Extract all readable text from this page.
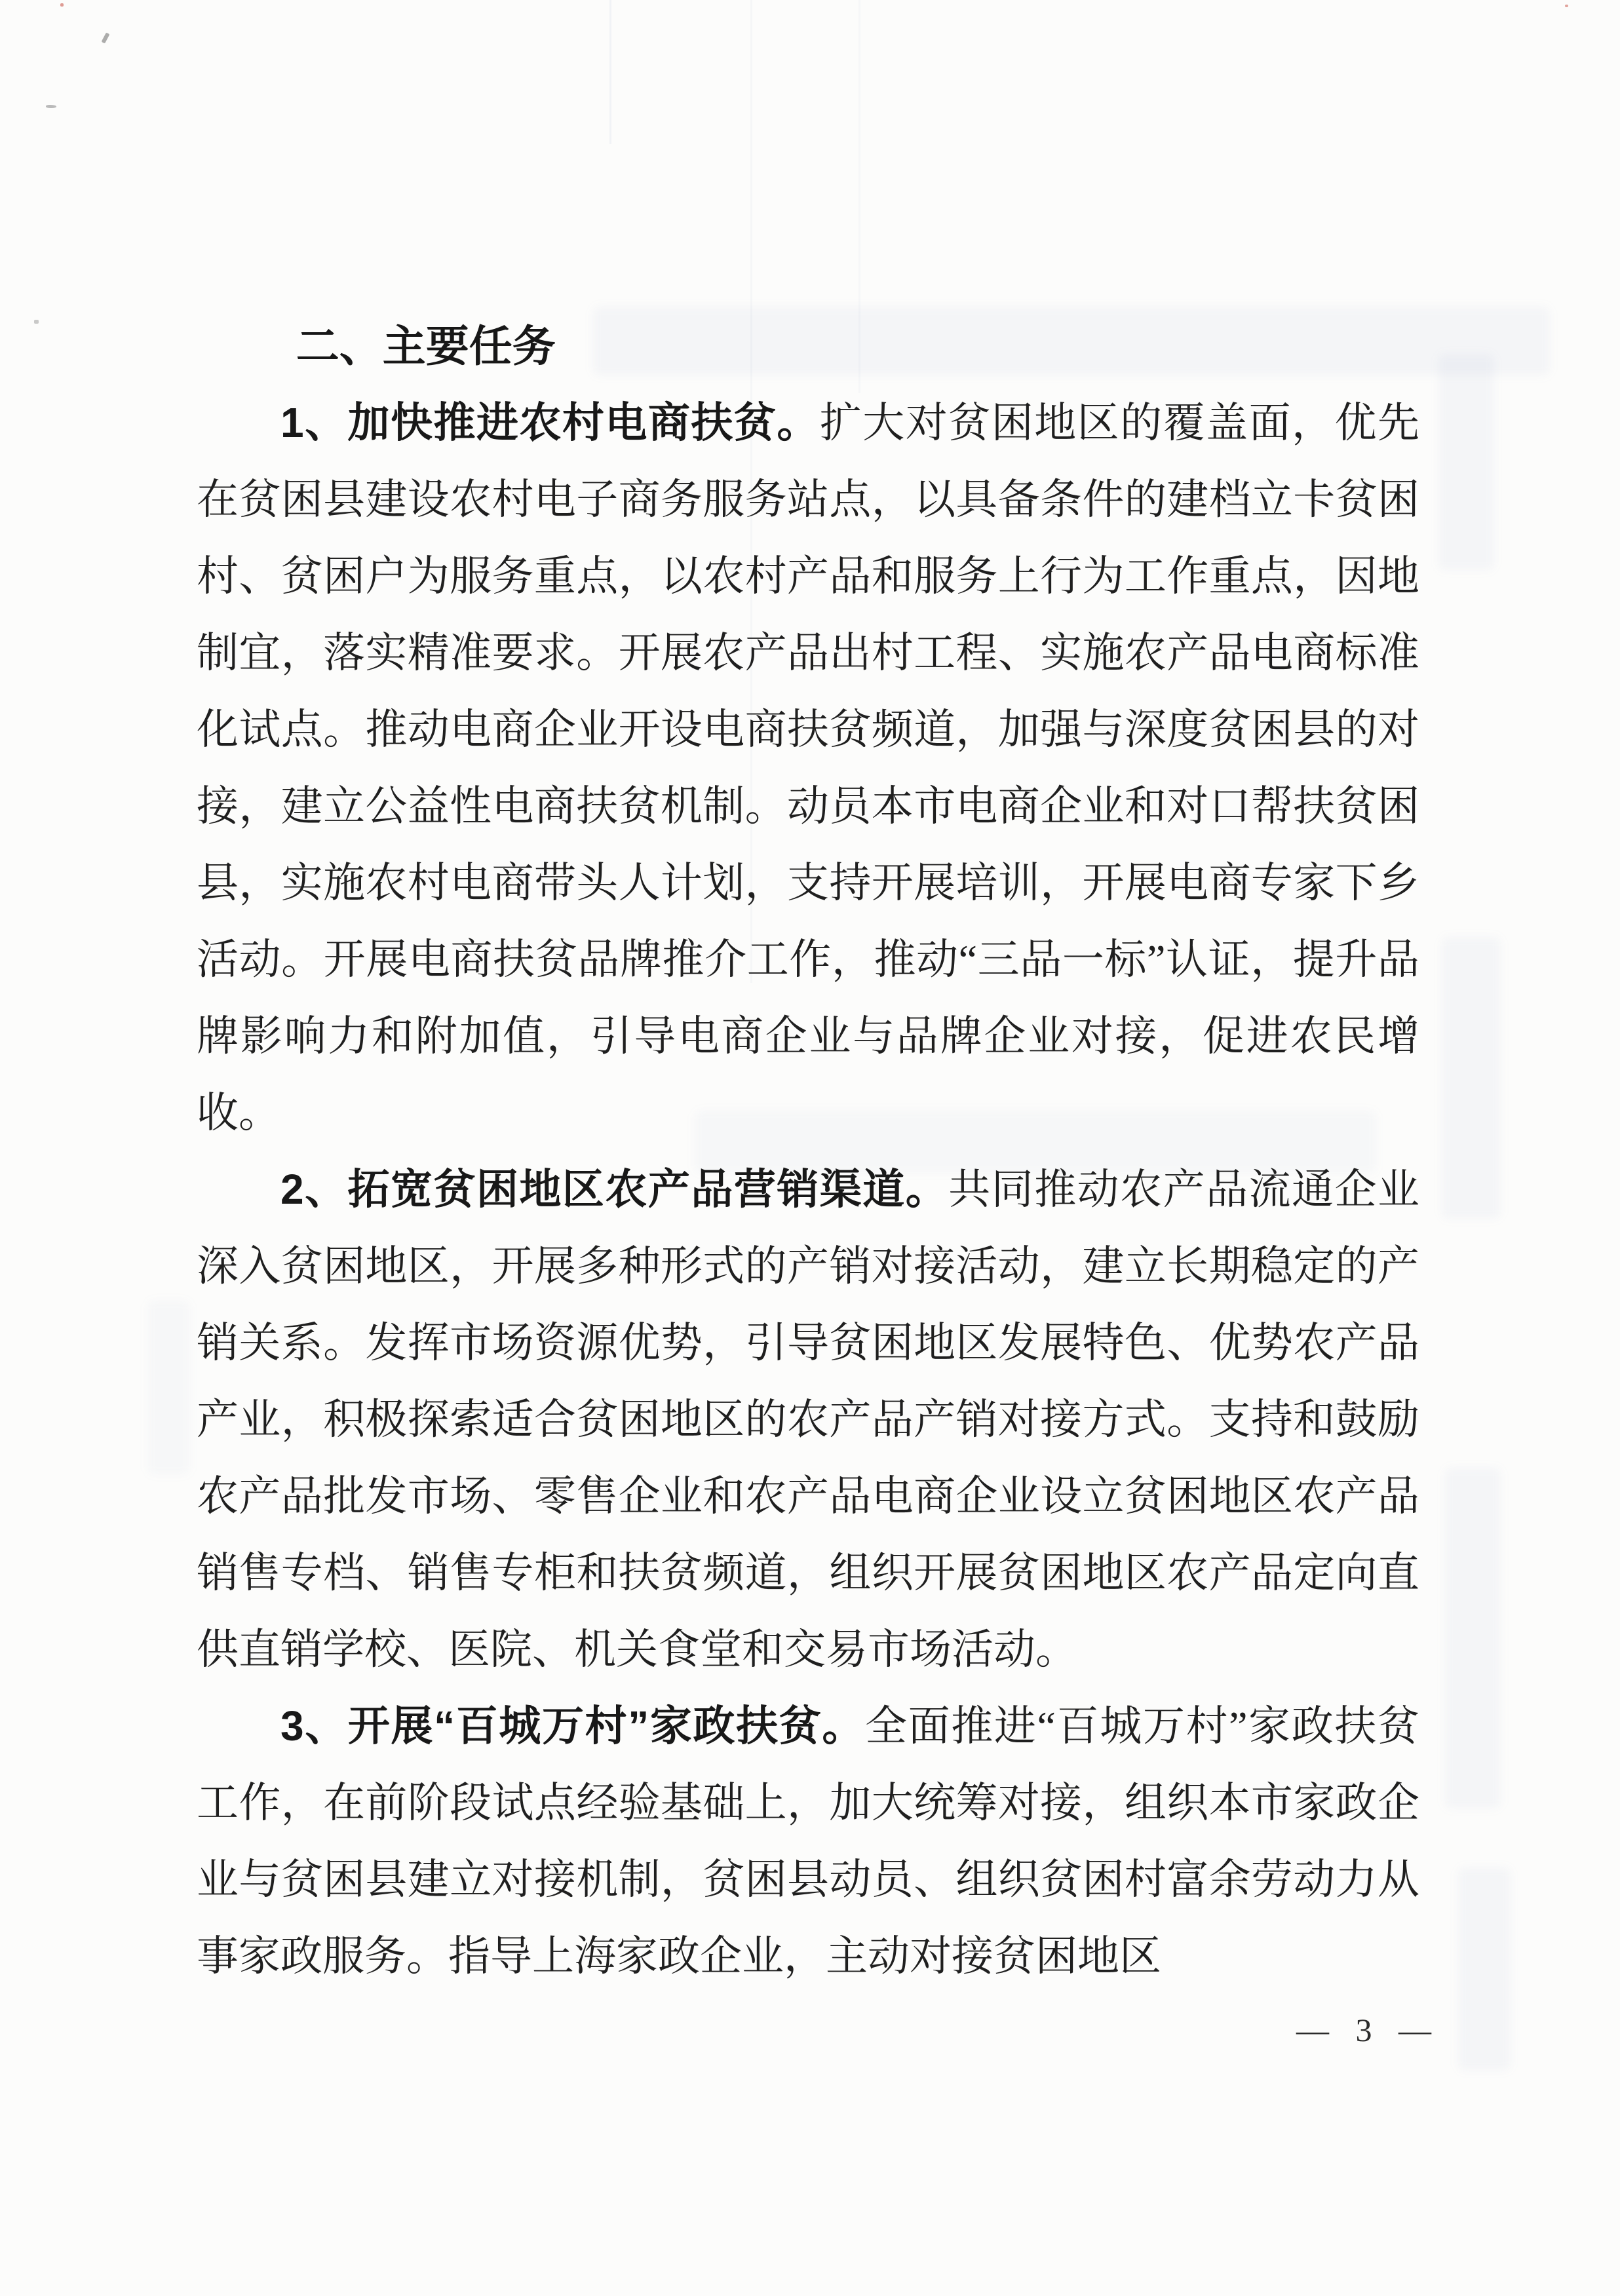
二、主要任务

1、加快推进农村电商扶贫。扩大对贫困地区的覆盖面，优先在贫困县建设农村电子商务服务站点，以具备条件的建档立卡贫困村、贫困户为服务重点，以农村产品和服务上行为工作重点，因地制宜，落实精准要求。开展农产品出村工程、实施农产品电商标准化试点。推动电商企业开设电商扶贫频道，加强与深度贫困县的对接，建立公益性电商扶贫机制。动员本市电商企业和对口帮扶贫困县，实施农村电商带头人计划，支持开展培训，开展电商专家下乡活动。开展电商扶贫品牌推介工作，推动“三品一标”认证，提升品牌影响力和附加值，引导电商企业与品牌企业对接，促进农民增收。

2、拓宽贫困地区农产品营销渠道。共同推动农产品流通企业深入贫困地区，开展多种形式的产销对接活动，建立长期稳定的产销关系。发挥市场资源优势，引导贫困地区发展特色、优势农产品产业，积极探索适合贫困地区的农产品产销对接方式。支持和鼓励农产品批发市场、零售企业和农产品电商企业设立贫困地区农产品销售专档、销售专柜和扶贫频道，组织开展贫困地区农产品定向直供直销学校、医院、机关食堂和交易市场活动。

3、开展“百城万村”家政扶贫。全面推进“百城万村”家政扶贫工作，在前阶段试点经验基础上，加大统筹对接，组织本市家政企业与贫困县建立对接机制，贫困县动员、组织贫困村富余劳动力从事家政服务。指导上海家政企业，主动对接贫困地区

— 3 —
